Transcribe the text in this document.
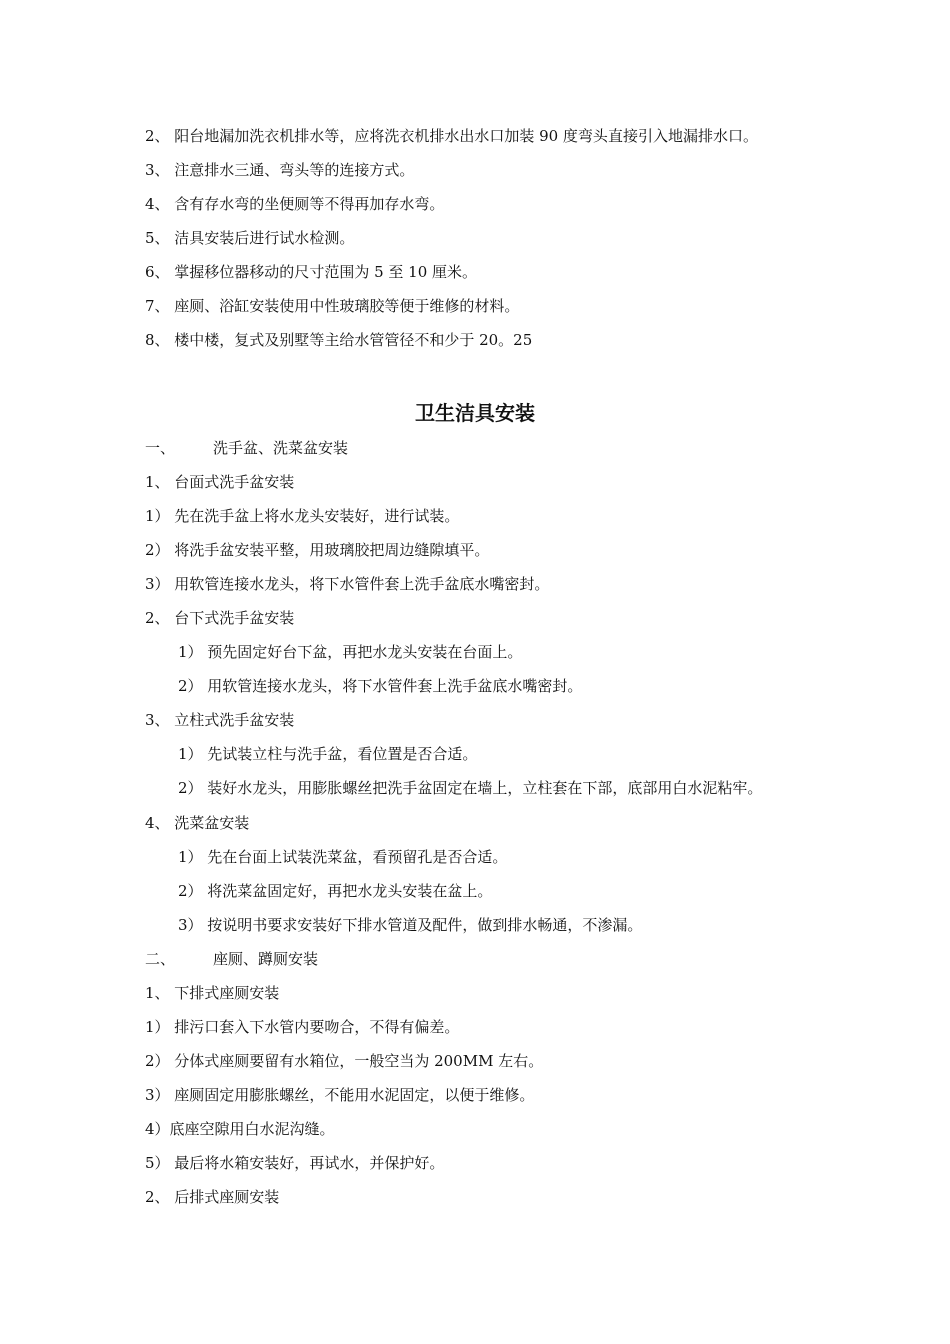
2、 阳台地漏加洗衣机排水等，应将洗衣机排水出水口加装 90 度弯头直接引入地漏排水口。
3、 注意排水三通、弯头等的连接方式。
4、 含有存水弯的坐便厕等不得再加存水弯。
5、 洁具安装后进行试水检测。
6、 掌握移位器移动的尺寸范围为 5 至 10 厘米。
7、 座厕、浴缸安装使用中性玻璃胶等便于维修的材料。
8、 楼中楼，复式及别墅等主给水管管径不和少于 20。25
卫生洁具安装
一、	洗手盆、洗菜盆安装
1、 台面式洗手盆安装
1） 先在洗手盆上将水龙头安装好，进行试装。
2） 将洗手盆安装平整，用玻璃胶把周边缝隙填平。
3） 用软管连接水龙头，将下水管件套上洗手盆底水嘴密封。
2、 台下式洗手盆安装
1） 预先固定好台下盆，再把水龙头安装在台面上。
2） 用软管连接水龙头，将下水管件套上洗手盆底水嘴密封。
3、 立柱式洗手盆安装
1） 先试装立柱与洗手盆，看位置是否合适。
2） 装好水龙头，用膨胀螺丝把洗手盆固定在墙上，立柱套在下部，底部用白水泥粘牢。
4、 洗菜盆安装
1） 先在台面上试装洗菜盆，看预留孔是否合适。
2） 将洗菜盆固定好，再把水龙头安装在盆上。
3） 按说明书要求安装好下排水管道及配件，做到排水畅通，不渗漏。
二、	座厕、蹲厕安装
1、 下排式座厕安装
1） 排污口套入下水管内要吻合，不得有偏差。
2） 分体式座厕要留有水箱位，一般空当为 200MM 左右。
3） 座厕固定用膨胀螺丝，不能用水泥固定，以便于维修。
4）底座空隙用白水泥沟缝。
5） 最后将水箱安装好，再试水，并保护好。
2、 后排式座厕安装
